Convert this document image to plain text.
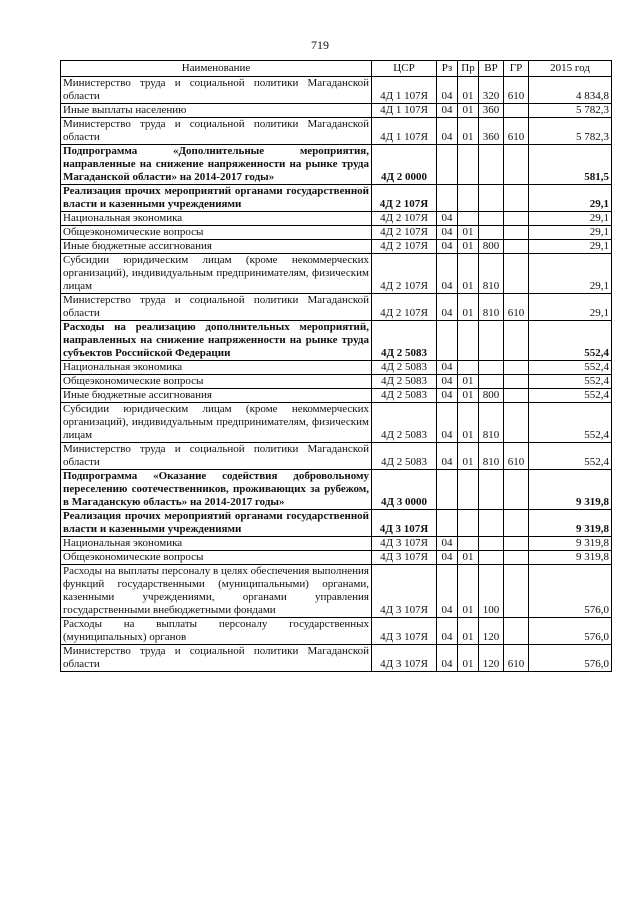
719
Наименование	ЦСР	Рз	Пр	ВР	ГР	2015 год
Министерство труда и социальной политики Магаданской области	4Д 1 107Я	04	01	320	610	4 834,8
Иные выплаты населению	4Д 1 107Я	04	01	360		5 782,3
Министерство труда и социальной политики Магаданской области	4Д 1 107Я	04	01	360	610	5 782,3
Подпрограмма «Дополнительные мероприятия, направленные на снижение напряженности на рынке труда Магаданской области» на 2014-2017 годы»	4Д 2 0000					581,5
Реализация прочих мероприятий органами государственной власти и казенными учреждениями	4Д 2 107Я					29,1
Национальная экономика	4Д 2 107Я	04				29,1
Общеэкономические вопросы	4Д 2 107Я	04	01			29,1
Иные бюджетные ассигнования	4Д 2 107Я	04	01	800		29,1
Субсидии юридическим лицам (кроме некоммерческих организаций), индивидуальным предпринимателям, физическим лицам	4Д 2 107Я	04	01	810		29,1
Министерство труда и социальной политики Магаданской области	4Д 2 107Я	04	01	810	610	29,1
Расходы на реализацию дополнительных мероприятий, направленных на снижение напряженности на рынке труда субъектов Российской Федерации	4Д 2 5083					552,4
Национальная экономика	4Д 2 5083	04				552,4
Общеэкономические вопросы	4Д 2 5083	04	01			552,4
Иные бюджетные ассигнования	4Д 2 5083	04	01	800		552,4
Субсидии юридическим лицам (кроме некоммерческих организаций), индивидуальным предпринимателям, физическим лицам	4Д 2 5083	04	01	810		552,4
Министерство труда и социальной политики Магаданской области	4Д 2 5083	04	01	810	610	552,4
Подпрограмма «Оказание содействия добровольному переселению соотечественников, проживающих за рубежом, в Магаданскую область» на 2014-2017 годы»	4Д 3 0000					9 319,8
Реализация прочих мероприятий органами государственной власти и казенными учреждениями	4Д 3 107Я					9 319,8
Национальная экономика	4Д 3 107Я	04				9 319,8
Общеэкономические вопросы	4Д 3 107Я	04	01			9 319,8
Расходы на выплаты персоналу в целях обеспечения выполнения функций государственными (муниципальными) органами, казенными учреждениями, органами управления государственными внебюджетными фондами	4Д 3 107Я	04	01	100		576,0
Расходы на выплаты персоналу государственных (муниципальных) органов	4Д 3 107Я	04	01	120		576,0
Министерство труда и социальной политики Магаданской области	4Д 3 107Я	04	01	120	610	576,0
